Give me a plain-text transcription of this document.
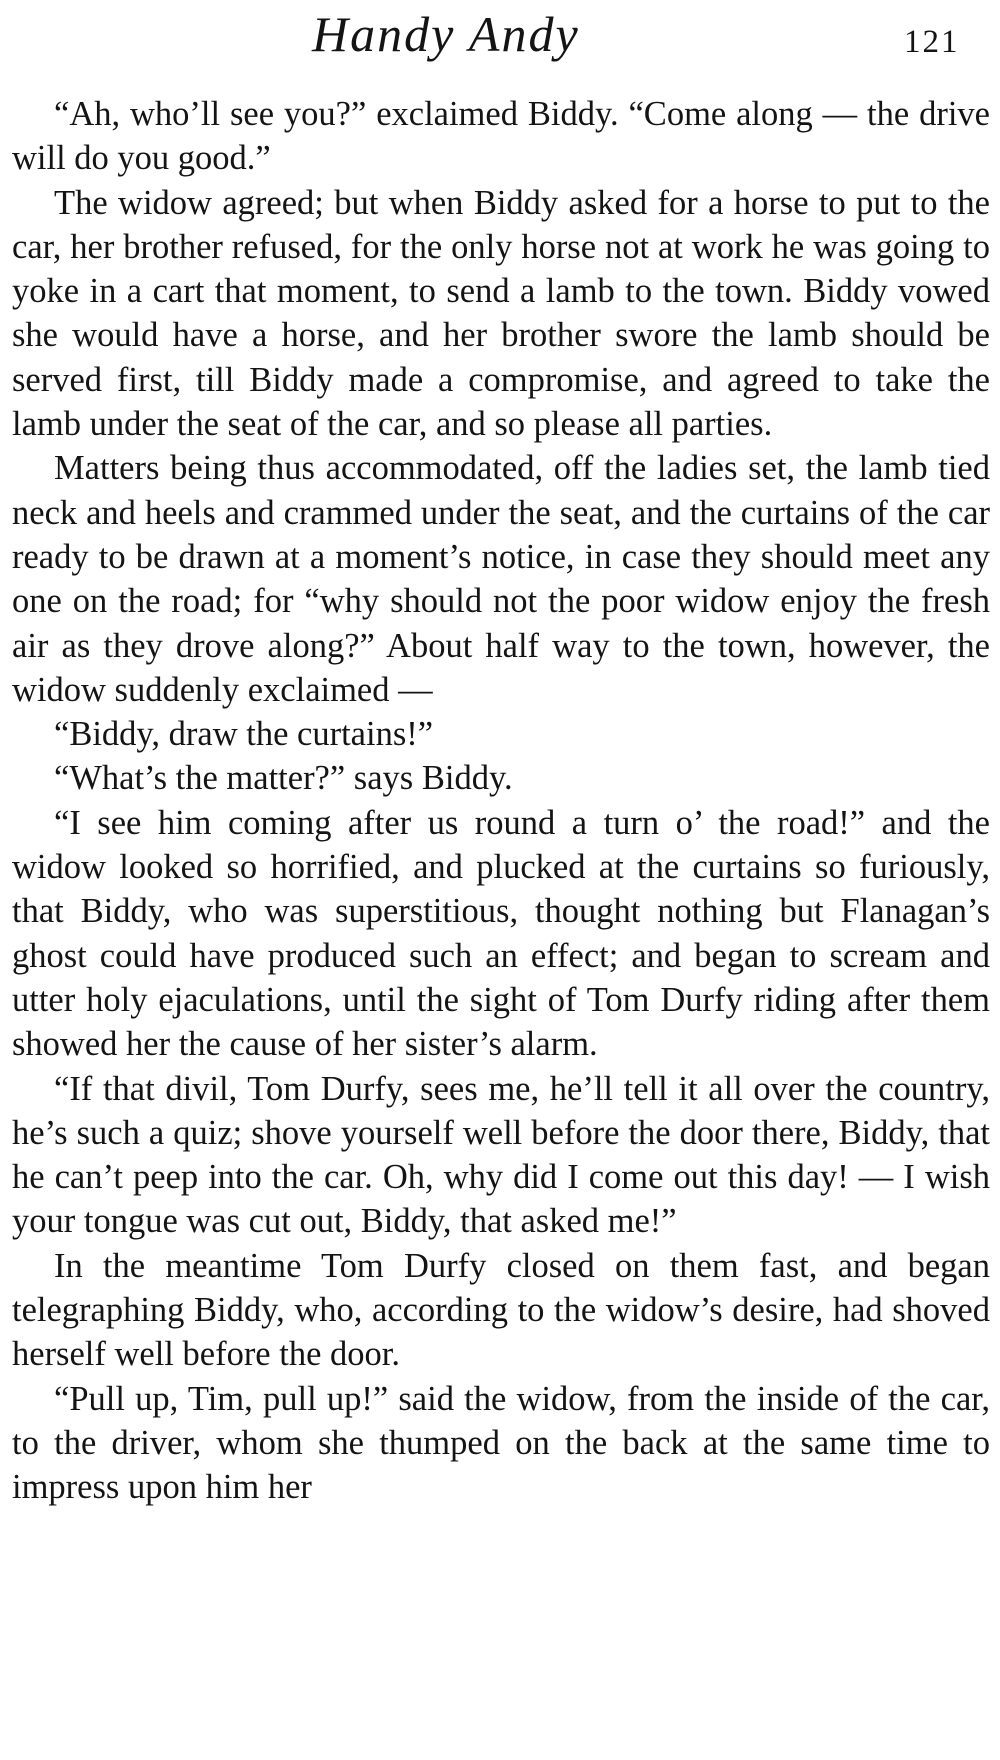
Handy Andy	121

“Ah, who’ll see you?” exclaimed Biddy. “Come along — the drive will do you good.”

The widow agreed; but when Biddy asked for a horse to put to the car, her brother refused, for the only horse not at work he was going to yoke in a cart that moment, to send a lamb to the town. Biddy vowed she would have a horse, and her brother swore the lamb should be served first, till Biddy made a compromise, and agreed to take the lamb under the seat of the car, and so please all parties.

Matters being thus accommodated, off the ladies set, the lamb tied neck and heels and crammed under the seat, and the curtains of the car ready to be drawn at a moment’s notice, in case they should meet any one on the road; for “why should not the poor widow enjoy the fresh air as they drove along?” About half way to the town, however, the widow suddenly exclaimed —

“Biddy, draw the curtains!”

“What’s the matter?” says Biddy.

“I see him coming after us round a turn o’ the road!” and the widow looked so horrified, and plucked at the curtains so furiously, that Biddy, who was superstitious, thought nothing but Flanagan’s ghost could have produced such an effect; and began to scream and utter holy ejaculations, until the sight of Tom Durfy riding after them showed her the cause of her sister’s alarm.

“If that divil, Tom Durfy, sees me, he’ll tell it all over the country, he’s such a quiz; shove yourself well before the door there, Biddy, that he can’t peep into the car. Oh, why did I come out this day! — I wish your tongue was cut out, Biddy, that asked me!”

In the meantime Tom Durfy closed on them fast, and began telegraphing Biddy, who, according to the widow’s desire, had shoved herself well before the door.

“Pull up, Tim, pull up!” said the widow, from the inside of the car, to the driver, whom she thumped on the back at the same time to impress upon him her
